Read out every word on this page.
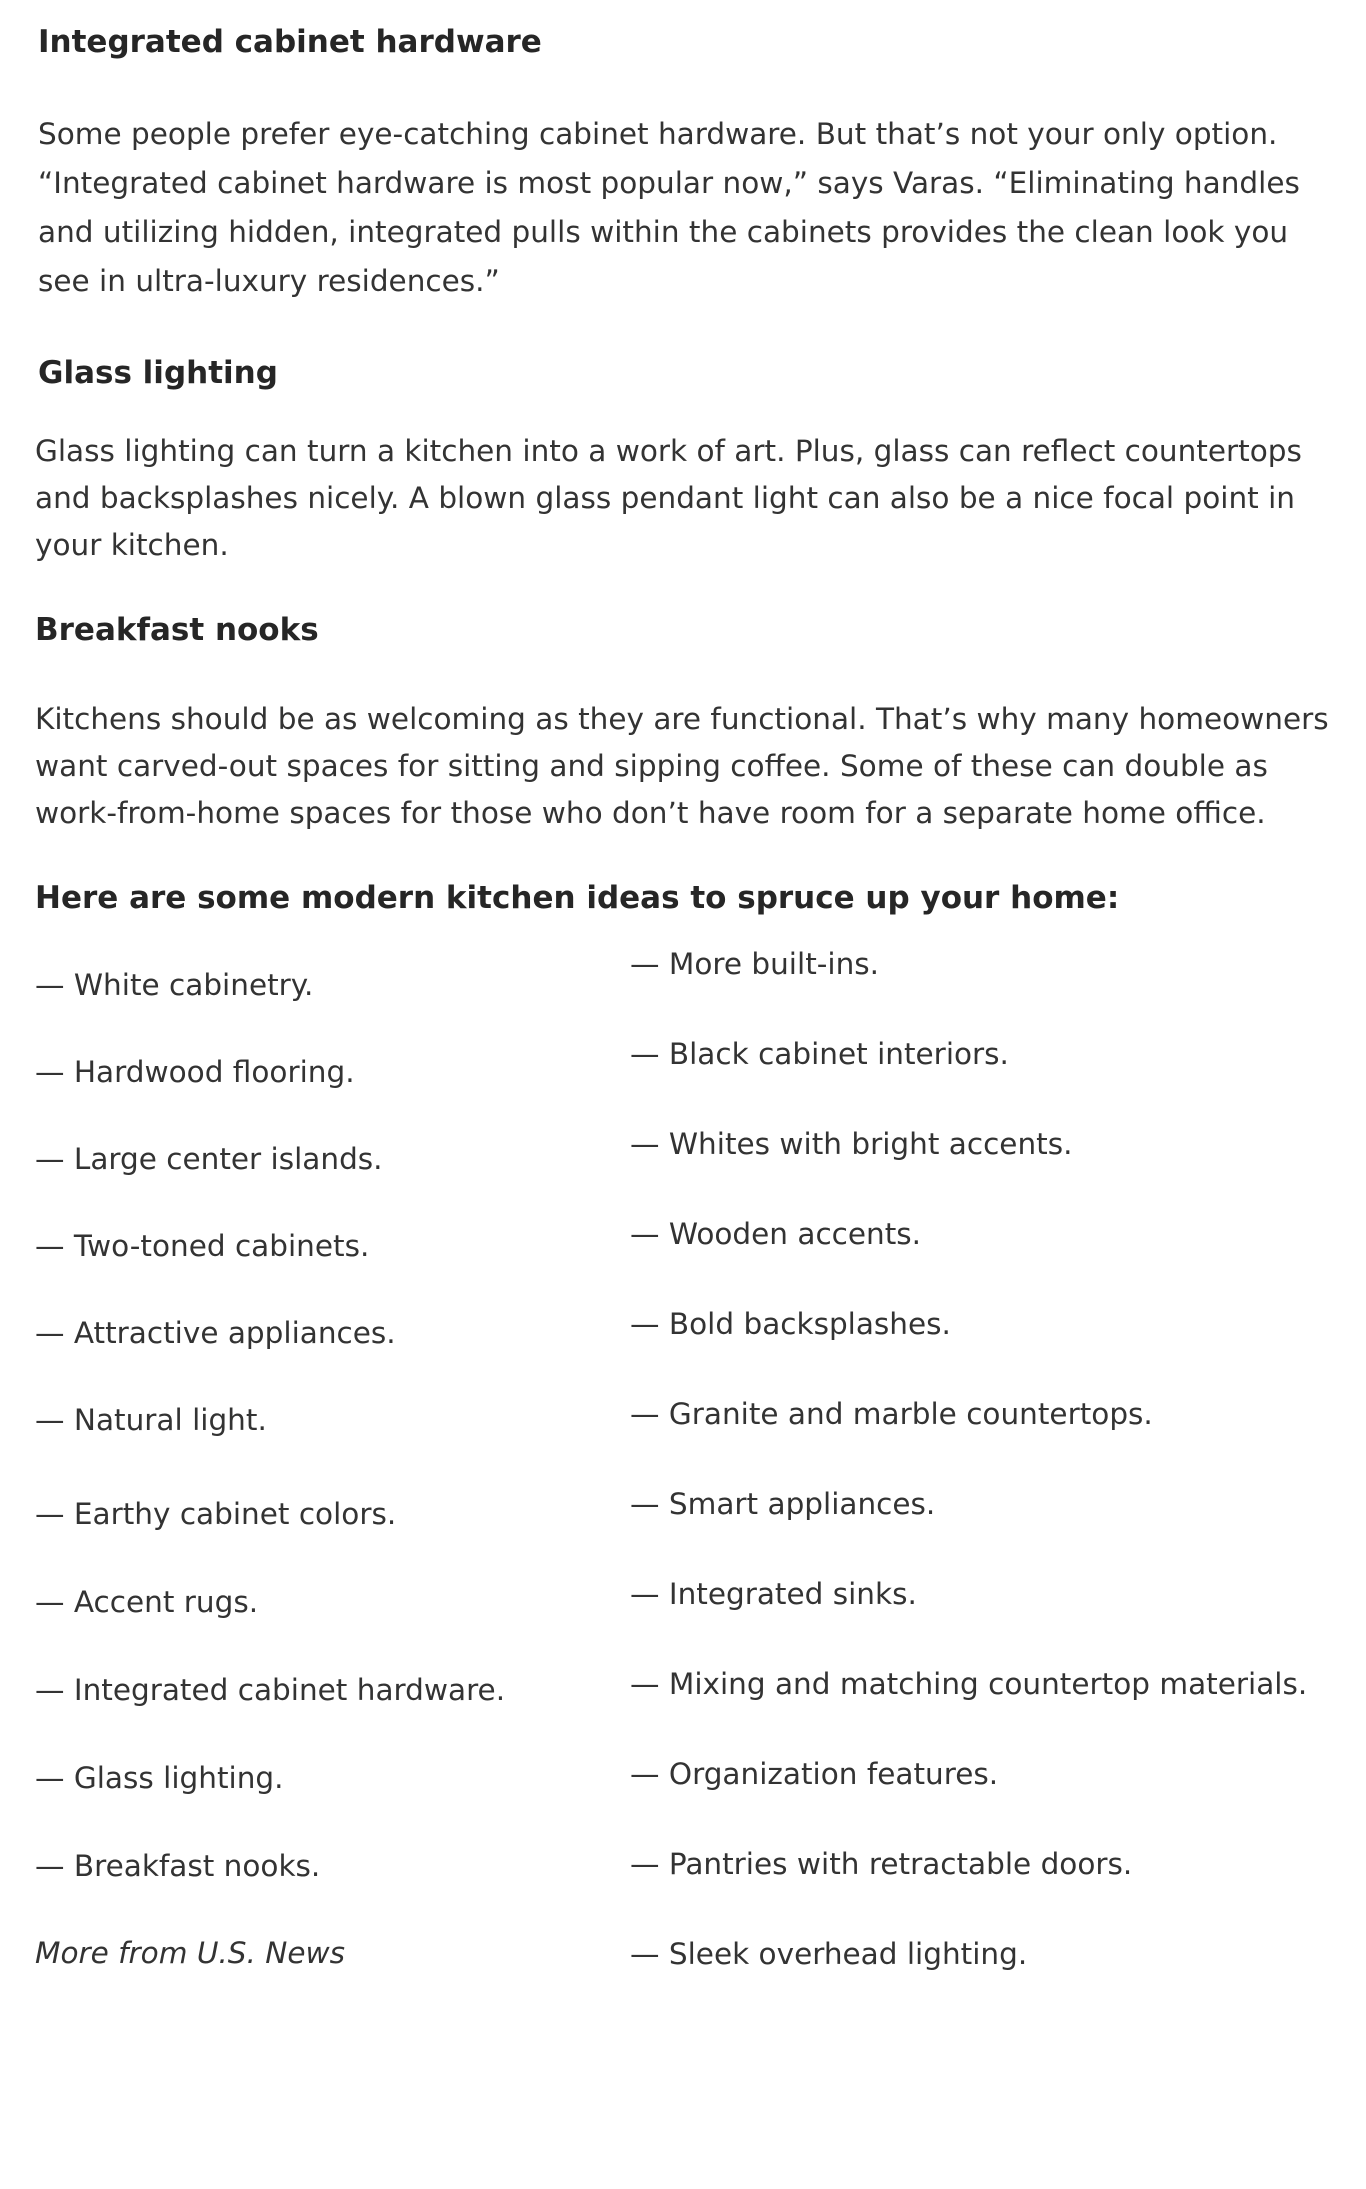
Integrated cabinet hardware
Some people prefer eye-catching cabinet hardware. But that’s not your only option.
“Integrated cabinet hardware is most popular now,” says Varas. “Eliminating handles
and utilizing hidden, integrated pulls within the cabinets provides the clean look you
see in ultra-luxury residences.”
Glass lighting
Glass lighting can turn a kitchen into a work of art. Plus, glass can reflect countertops
and backsplashes nicely. A blown glass pendant light can also be a nice focal point in
your kitchen.
Breakfast nooks
Kitchens should be as welcoming as they are functional. That’s why many homeowners
want carved-out spaces for sitting and sipping coffee. Some of these can double as
work-from-home spaces for those who don’t have room for a separate home office.
Here are some modern kitchen ideas to spruce up your home:

— White cabinetry.

— Hardwood flooring.

— Large center islands.

— Two-toned cabinets.

— Attractive appliances.

— Natural light.

— Earthy cabinet colors.

— Accent rugs.

— Integrated cabinet hardware.

— Glass lighting.

— Breakfast nooks.

More from U.S. News

— More built-ins.

— Black cabinet interiors.

— Whites with bright accents.

— Wooden accents.

— Bold backsplashes.

— Granite and marble countertops.

— Smart appliances.

— Integrated sinks.

— Mixing and matching countertop materials.

— Organization features.

— Pantries with retractable doors.

— Sleek overhead lighting.
